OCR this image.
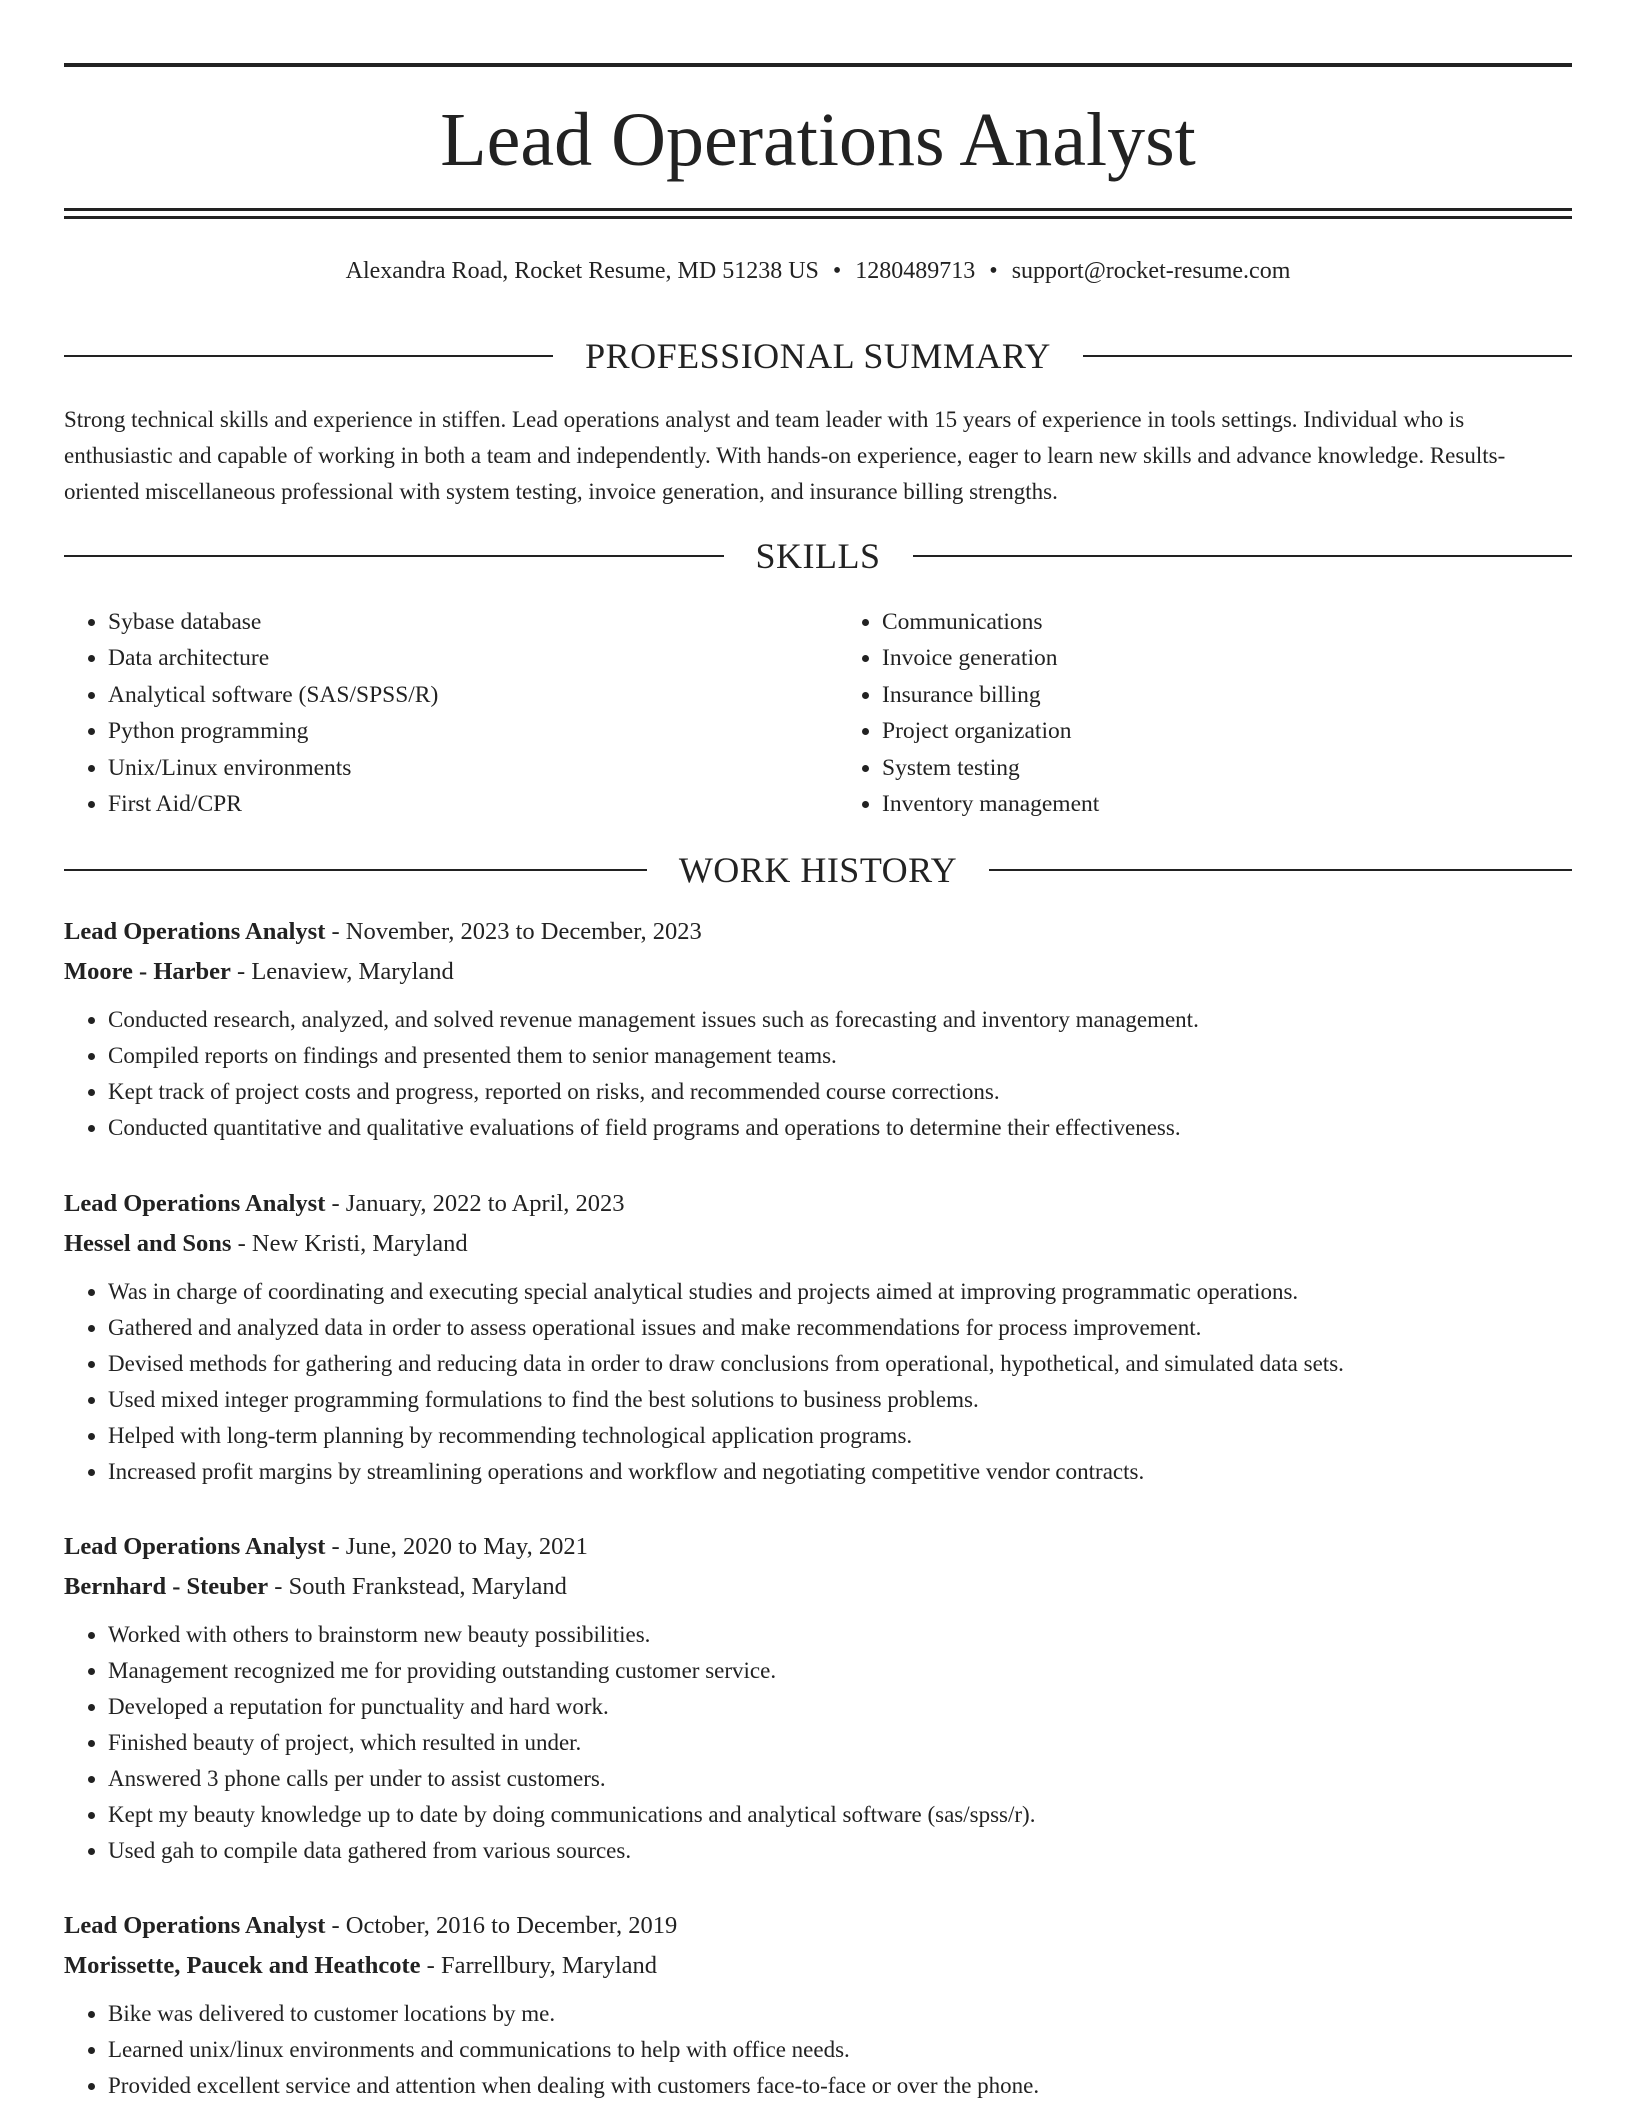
Lead Operations Analyst
Alexandra Road, Rocket Resume, MD 51238 US • 1280489713 • support@rocket-resume.com
PROFESSIONAL SUMMARY

Strong technical skills and experience in stiffen. Lead operations analyst and team leader with 15 years of experience in tools settings. Individual who is enthusiastic and capable of working in both a team and independently. With hands-on experience, eager to learn new skills and advance knowledge. Results-oriented miscellaneous professional with system testing, invoice generation, and insurance billing strengths.

SKILLS
• Sybase database
• Data architecture
• Analytical software (SAS/SPSS/R)
• Python programming
• Unix/Linux environments
• First Aid/CPR
• Communications
• Invoice generation
• Insurance billing
• Project organization
• System testing
• Inventory management
WORK HISTORY

Lead Operations Analyst - November, 2023 to December, 2023

Moore - Harber - Lenaview, Maryland

• Conducted research, analyzed, and solved revenue management issues such as forecasting and inventory management.
• Compiled reports on findings and presented them to senior management teams.
• Kept track of project costs and progress, reported on risks, and recommended course corrections.
• Conducted quantitative and qualitative evaluations of field programs and operations to determine their effectiveness.

Lead Operations Analyst - January, 2022 to April, 2023

Hessel and Sons - New Kristi, Maryland

• Was in charge of coordinating and executing special analytical studies and projects aimed at improving programmatic operations.
• Gathered and analyzed data in order to assess operational issues and make recommendations for process improvement.
• Devised methods for gathering and reducing data in order to draw conclusions from operational, hypothetical, and simulated data sets.
• Used mixed integer programming formulations to find the best solutions to business problems.
• Helped with long-term planning by recommending technological application programs.
• Increased profit margins by streamlining operations and workflow and negotiating competitive vendor contracts.

Lead Operations Analyst - June, 2020 to May, 2021

Bernhard - Steuber - South Frankstead, Maryland

• Worked with others to brainstorm new beauty possibilities.
• Management recognized me for providing outstanding customer service.
• Developed a reputation for punctuality and hard work.
• Finished beauty of project, which resulted in under.
• Answered 3 phone calls per under to assist customers.
• Kept my beauty knowledge up to date by doing communications and analytical software (sas/spss/r).
• Used gah to compile data gathered from various sources.

Lead Operations Analyst - October, 2016 to December, 2019

Morissette, Paucek and Heathcote - Farrellbury, Maryland

• Bike was delivered to customer locations by me.
• Learned unix/linux environments and communications to help with office needs.
• Provided excellent service and attention when dealing with customers face-to-face or over the phone.
